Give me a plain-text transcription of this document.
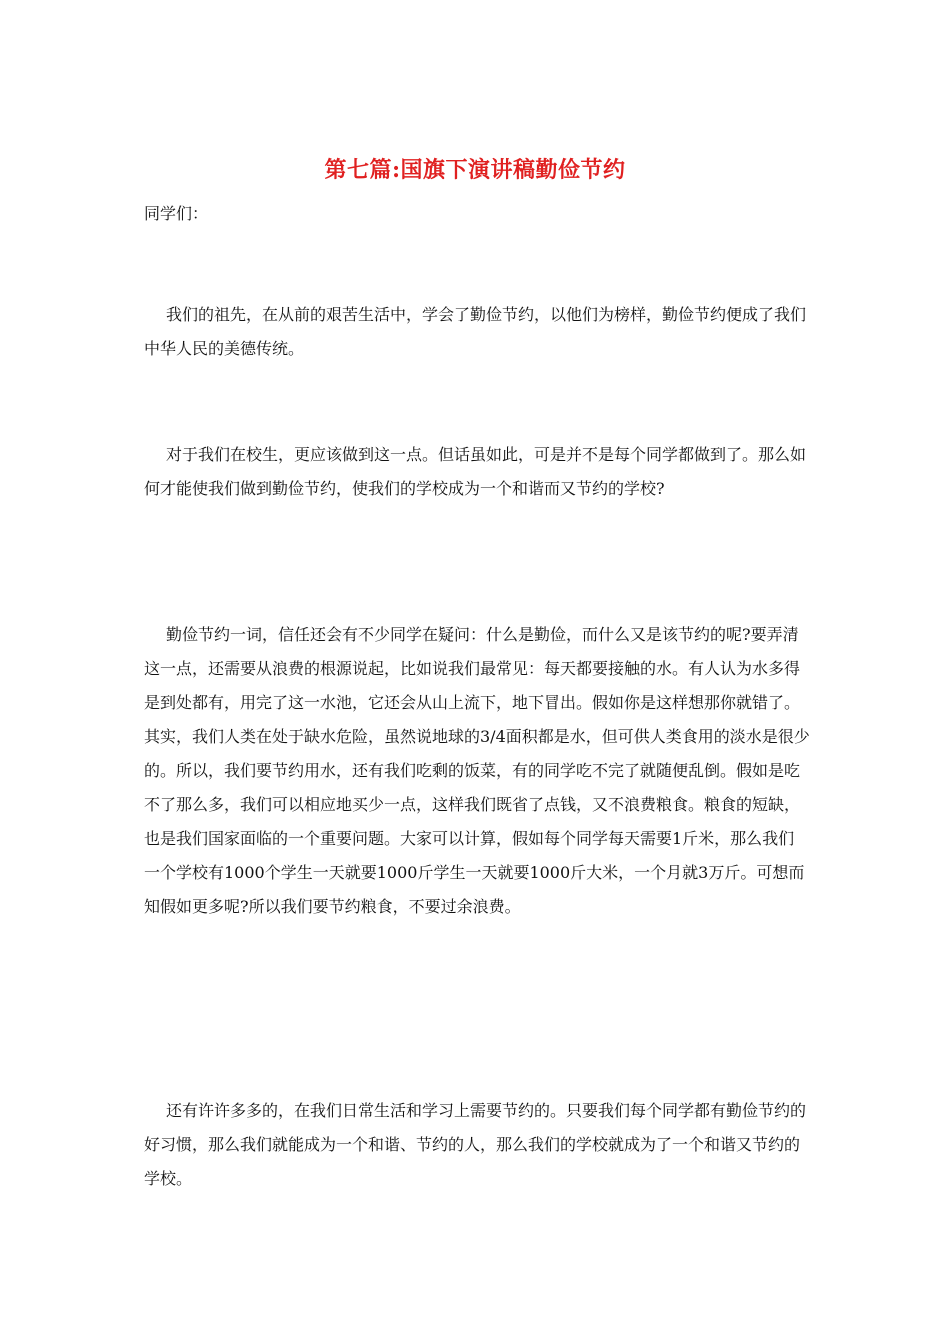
第七篇:国旗下演讲稿勤俭节约

同学们：

我们的祖先，在从前的艰苦生活中，学会了勤俭节约，以他们为榜样，勤俭节约便成了我们中华人民的美德传统。

对于我们在校生，更应该做到这一点。但话虽如此，可是并不是每个同学都做到了。那么如何才能使我们做到勤俭节约，使我们的学校成为一个和谐而又节约的学校?

勤俭节约一词，信任还会有不少同学在疑问：什么是勤俭，而什么又是该节约的呢?要弄清这一点，还需要从浪费的根源说起，比如说我们最常见：每天都要接触的水。有人认为水多得是到处都有，用完了这一水池，它还会从山上流下，地下冒出。假如你是这样想那你就错了。其实，我们人类在处于缺水危险，虽然说地球的3/4面积都是水，但可供人类食用的淡水是很少的。所以，我们要节约用水，还有我们吃剩的饭菜，有的同学吃不完了就随便乱倒。假如是吃不了那么多，我们可以相应地买少一点，这样我们既省了点钱，又不浪费粮食。粮食的短缺，也是我们国家面临的一个重要问题。大家可以计算，假如每个同学每天需要1斤米，那么我们一个学校有1000个学生一天就要1000斤学生一天就要1000斤大米，一个月就3万斤。可想而知假如更多呢?所以我们要节约粮食，不要过余浪费。

还有许许多多的，在我们日常生活和学习上需要节约的。只要我们每个同学都有勤俭节约的好习惯，那么我们就能成为一个和谐、节约的人，那么我们的学校就成为了一个和谐又节约的学校。
